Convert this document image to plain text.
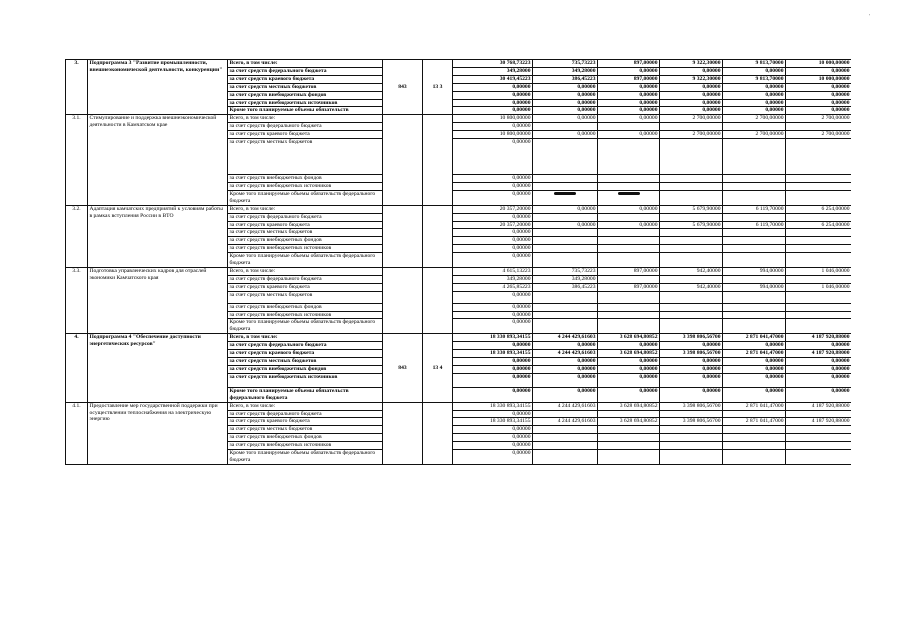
'
3.	Подпрограмма 3 "Развитие промышленности, внешнеэкономической деятельности, конкуренции"	Всего, в том числе:	843	13 3	30 768,73223	735,73223	897,00000	9 322,30000	9 813,70000	10 000,00000
		за счет средств федерального бюджета			349,28000	349,28000	0,00000	0,00000	0,00000	0,00000
		за счет средств краевого бюджета			30 419,45223	386,45223	897,00000	9 322,30000	9 813,70000	10 000,00000
		за счет средств местных бюджетов			0,00000	0,00000	0,00000	0,00000	0,00000	0,00000
		за счет средств внебюджетных фондов			0,00000	0,00000	0,00000	0,00000	0,00000	0,00000
		за счет средств внебюджетных источников			0,00000	0,00000	0,00000	0,00000	0,00000	0,00000
		Кроме того планируемые объемы обязательств			0,00000	0,00000	0,00000	0,00000	0,00000	0,00000
3.1.	Стимулирование и поддержка внешнеэкономической деятельности в Камчатском крае	Всего, в том числе:			10 800,00000	0,00000	0,00000	2 700,00000	2 700,00000	2 700,00000
		за счет средств федерального бюджета			0,00000					
		за счет средств краевого бюджета			10 800,00000	0,00000	0,00000	2 700,00000	2 700,00000	2 700,00000
		за счет средств местных бюджетов			0,00000					
		за счет средств внебюджетных фондов			0,00000					
		за счет средств внебюджетных источников			0,00000					
		Кроме того планируемые объемы обязательств федерального бюджета			0,00000					
3.2.	Адаптация камчатских предприятий к условиям работы в рамках вступления России в ВТО	Всего, в том числе:			20 357,20000	0,00000	0,00000	5 679,90000	6 119,70000	6 254,00000
		за счет средств федерального бюджета			0,00000					
		за счет средств краевого бюджета			20 357,20000	0,00000	0,00000	5 679,90000	6 119,70000	6 254,00000
		за счет средств местных бюджетов			0,00000					
		за счет средств внебюджетных фондов			0,00000					
		за счет средств внебюджетных источников			0,00000					
		Кроме того планируемые объемы обязательств федерального бюджета			0,00000					
3.3.	Подготовка управленческих кадров для отраслей экономики Камчатского края	Всего, в том числе:			4 615,13223	735,73223	897,00000	942,40000	994,00000	1 046,00000
		за счет средств федерального бюджета			349,28000	349,28000				
		за счет средств краевого бюджета			4 265,85223	386,45223	897,00000	942,40000	994,00000	1 046,00000
		за счет средств местных бюджетов			0,00000					
		за счет средств внебюджетных фондов			0,00000					
		за счет средств внебюджетных источников			0,00000					
		Кроме того планируемые объемы обязательств федерального бюджета			0,00000					
4.	Подпрограмма 4 "Обеспечение доступности энергетических ресурсов"	Всего, в том числе:	843	13 4	18 330 893,34155	4 244 429,61603	3 628 694,80852	3 398 806,56700	2 871 041,47000	4 187 920,88000
		за счет средств федерального бюджета			0,00000	0,00000	0,00000	0,00000	0,00000	0,00000
		за счет средств краевого бюджета			18 330 893,34155	4 244 429,61603	3 628 694,80852	3 398 806,56700	2 871 041,47000	4 187 920,88000
		за счет средств местных бюджетов			0,00000	0,00000	0,00000	0,00000	0,00000	0,00000
		за счет средств внебюджетных фондов			0,00000	0,00000	0,00000	0,00000	0,00000	0,00000
		за счет средств внебюджетных источников			0,00000	0,00000	0,00000	0,00000	0,00000	0,00000
		Кроме того планируемые объемы обязательств федерального бюджета			0,00000	0,00000	0,00000	0,00000	0,00000	0,00000
4.1.	Предоставление мер государственной поддержки при осуществлении теплоснабжения на электрическую энергию	Всего, в том числе:			18 330 893,34155	4 244 429,61603	3 628 694,80852	3 398 806,56700	2 871 041,47000	4 187 920,88000
		за счет средств федерального бюджета			0,00000					
		за счет средств краевого бюджета			18 330 893,34155	4 244 429,61603	3 628 694,80852	3 398 806,56700	2 871 041,47000	4 187 920,88000
		за счет средств местных бюджетов			0,00000					
		за счет средств внебюджетных фондов			0,00000					
		за счет средств внебюджетных источников			0,00000					
		Кроме того планируемые объемы обязательств федерального бюджета			0,00000					
